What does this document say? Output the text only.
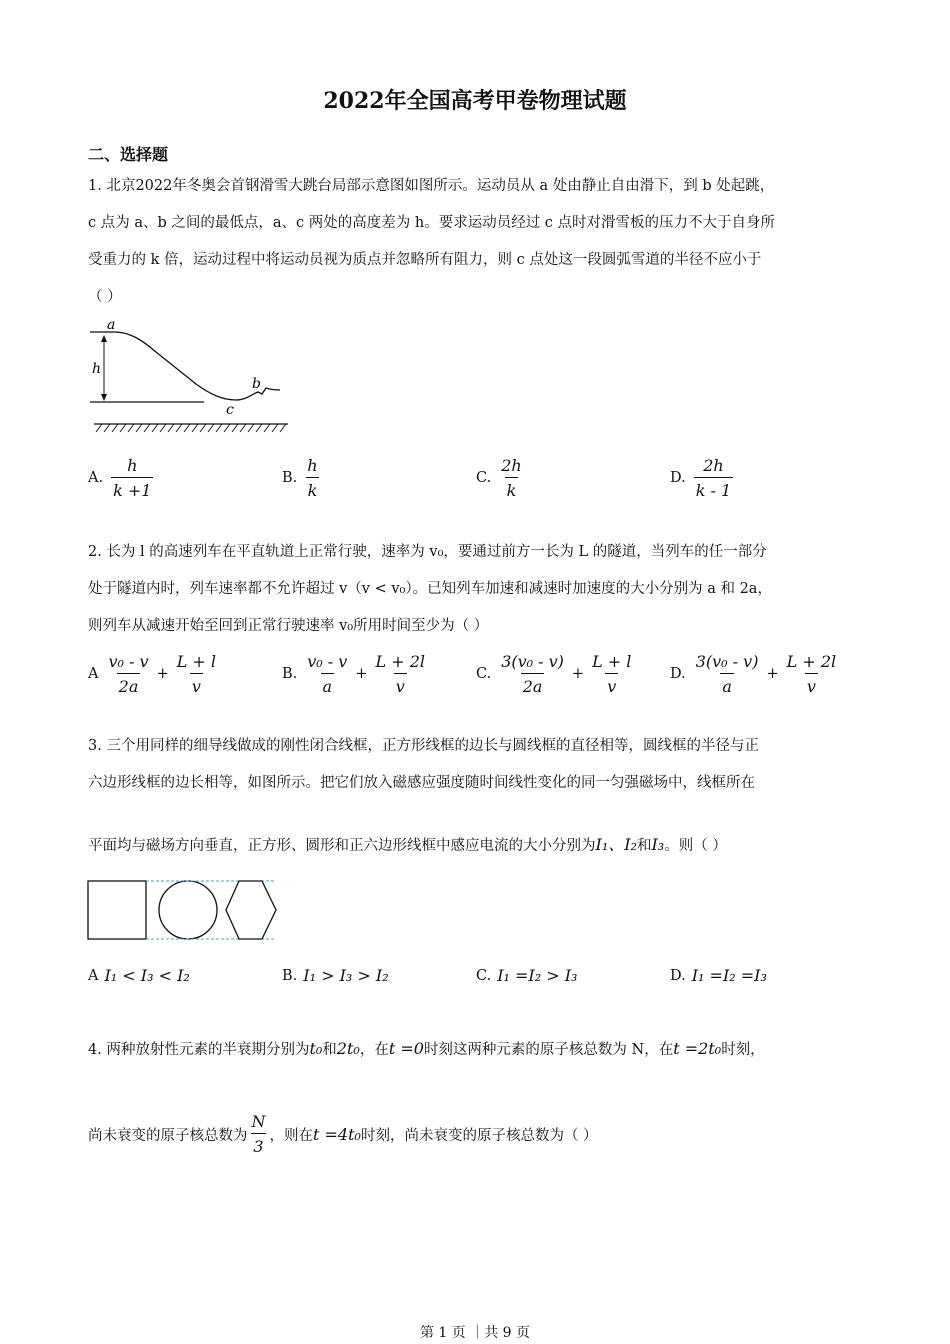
2022年全国高考甲卷物理试题
二、选择题
1. 北京2022年冬奥会首钢滑雪大跳台局部示意图如图所示。运动员从 a 处由静止自由滑下，到 b 处起跳，
c 点为 a、b 之间的最低点，a、c 两处的高度差为 h。要求运动员经过 c 点时对滑雪板的压力不大于自身所
受重力的 k 倍，运动过程中将运动员视为质点并忽略所有阻力，则 c 点处这一段圆弧雪道的半径不应小于
（ ）
a
h
b
c
A. $\frac{h}{k +1}$	B. $\frac{h}{k}$	C. $\frac{2h}{k}$	D. $\frac{2h}{k - 1}$
2. 长为 l 的高速列车在平直轨道上正常行驶，速率为 v₀，要通过前方一长为 L 的隧道，当列车的任一部分
处于隧道内时，列车速率都不允许超过 v（v < v₀）。已知列车加速和减速时加速度的大小分别为 a 和 2a，
则列车从减速开始至回到正常行驶速率 v₀所用时间至少为（ ）
A $\frac{\text{v₀ - v}}{2a} + \frac{L + l}{v}$	B. $\frac{\text{v₀ - v}}{a} + \frac{L + 2l}{v}$	C. $\frac{\text{3(v₀ - v)}}{2a} + \frac{L + l}{v}$	D. $\frac{\text{3(v₀ - v)}}{a} + \frac{L + 2l}{v}$
3. 三个用同样的细导线做成的刚性闭合线框，正方形线框的边长与圆线框的直径相等，圆线框的半径与正
六边形线框的边长相等，如图所示。把它们放入磁感应强度随时间线性变化的同一匀强磁场中，线框所在
平面均与磁场方向垂直，正方形、圆形和正六边形线框中感应电流的大小分别为I₁、I₂和I₃。则（ ）
A I₁ < I₃ < I₂	B. I₁ > I₃ > I₂	C. I₁ =I₂ > I₃	D. I₁ =I₂ =I₃
4. 两种放射性元素的半衰期分别为t₀和2t₀，在t =0时刻这两种元素的原子核总数为 N，在t =2t₀时刻，
尚未衰变的原子核总数为 $\frac{N}{3}$ ，则在 t =4t₀ 时刻，尚未衰变的原子核总数为（ ）
第 1 页 ｜共 9 页
